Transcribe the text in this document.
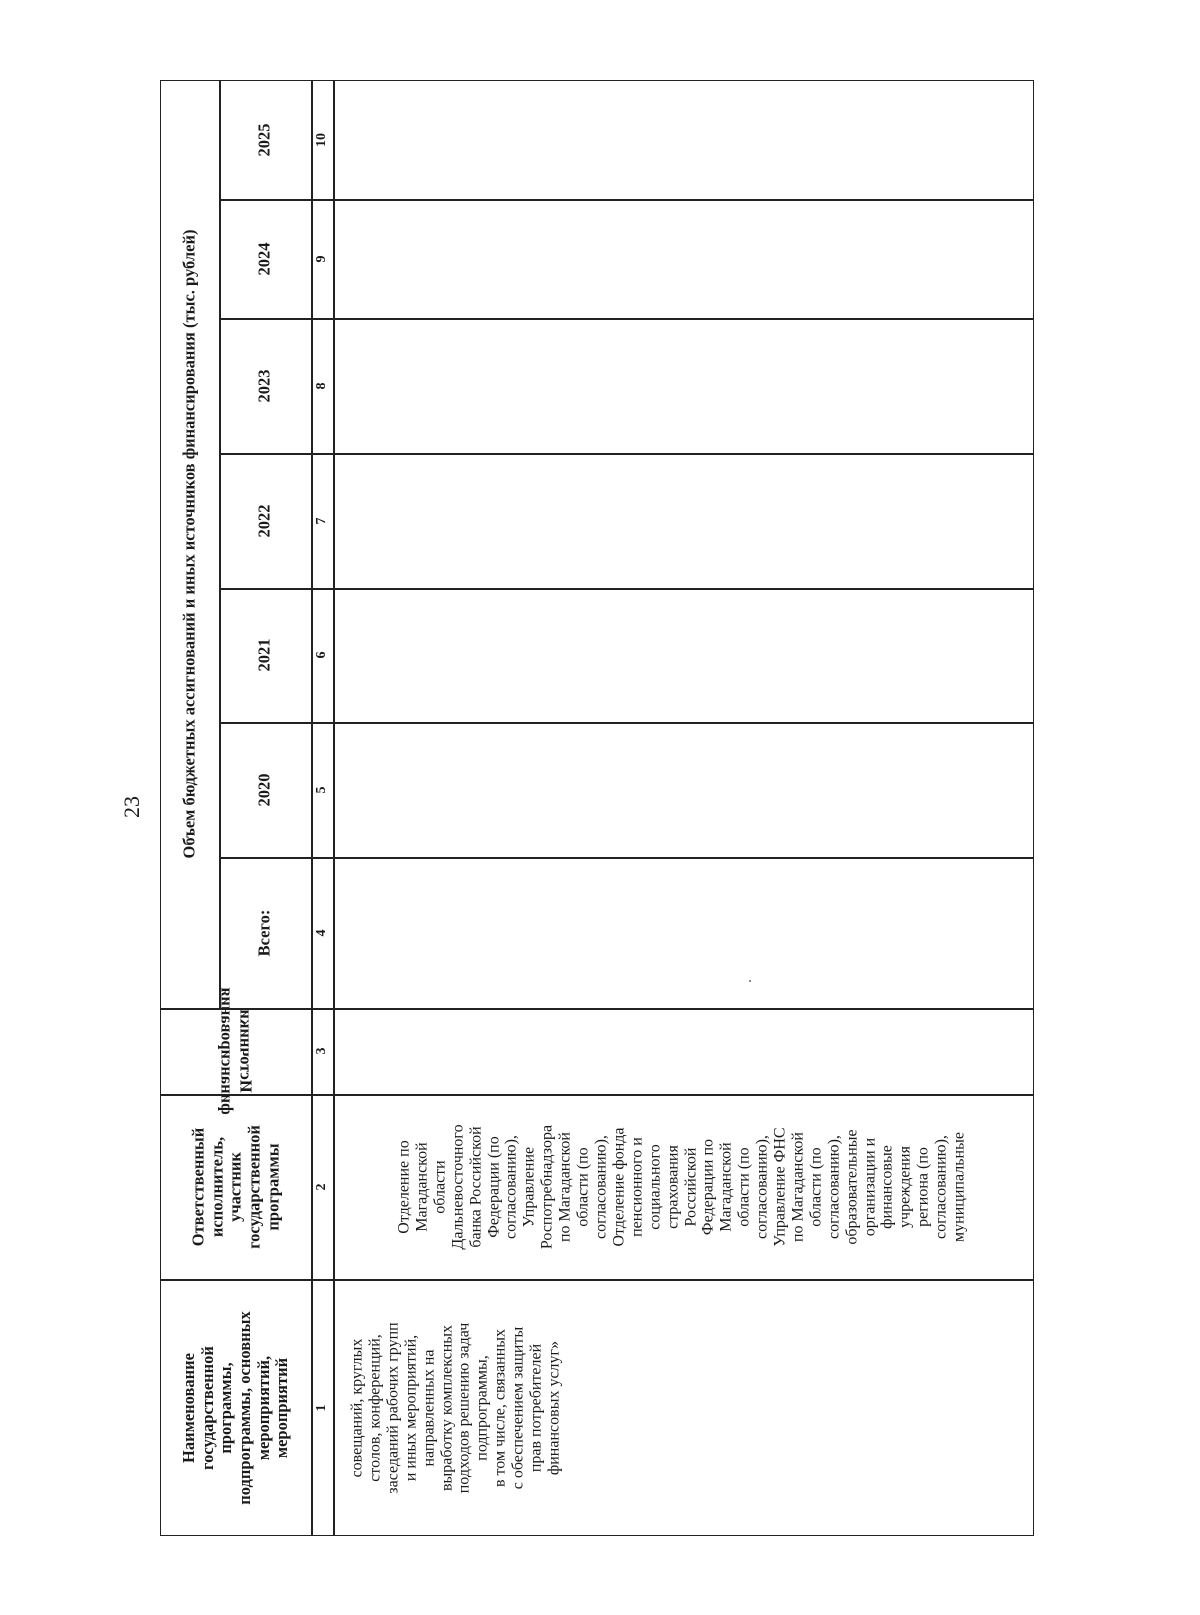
23 Объем бюджетных ассигнований и иных источников финансирования (тыс. рублей)
2025
2024
2023
2022
2021
2020
Всего:
Источники
финансирования
Ответственный
исполнитель,
участник
государственной
программы
Наименование
государственной
программы,
подпрограммы, основных
мероприятий,
мероприятий
10
9
8
7
6
5
4
3
2
1
Отделение по
Магаданской
области
Дальневосточного
банка Российской
Федерации (по
согласованию),
Управление
Роспотребнадзора
по Магаданской
области (по
согласованию),
Отделение фонда
пенсионного и
социального
страхования
Российской
Федерации по
Магаданской
области (по
согласованию),
Управление ФНС
по Магаданской
области (по
согласованию),
образовательные
организации и
финансовые
учреждения
региона (по
согласованию),
муниципальные
совещаний, круглых
столов, конференций,
заседаний рабочих групп
и иных мероприятий,
направленных на
выработку комплексных
подходов решению задач
подпрограммы,
в том числе, связанных
с обеспечением защиты
прав потребителей
финансовых услуг»
